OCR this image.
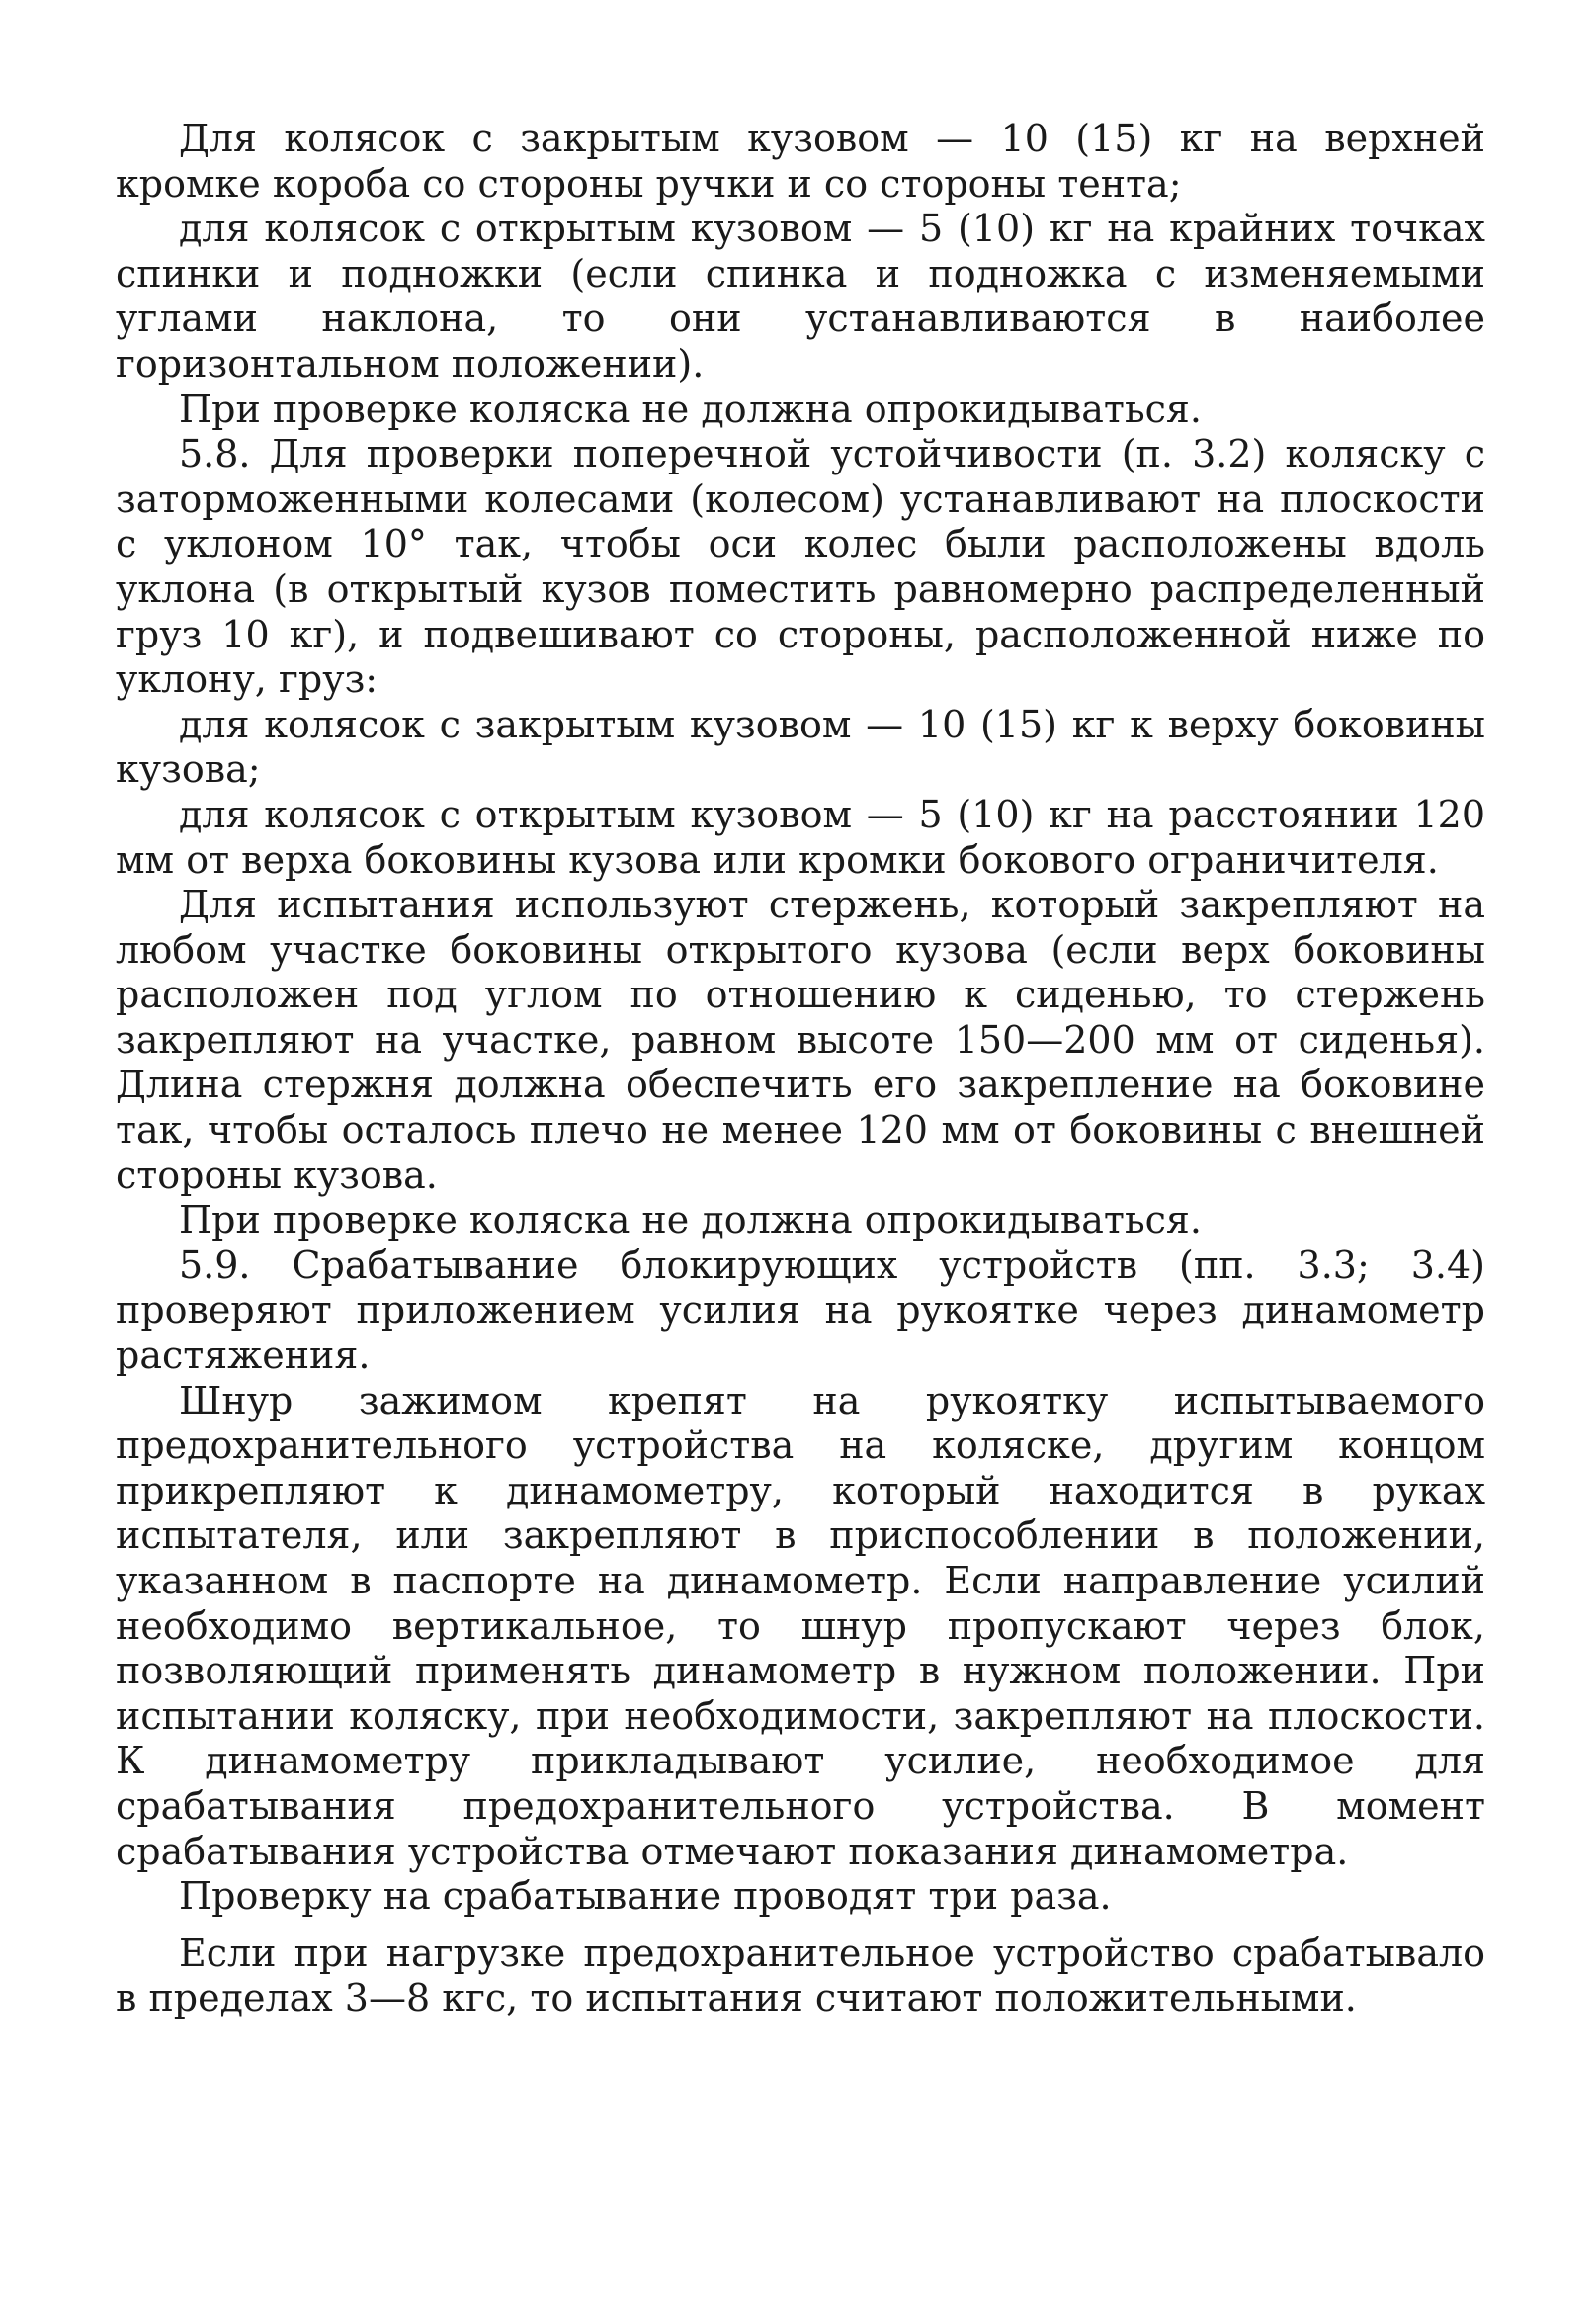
Для колясок с закрытым кузовом — 10 (15) кг на верхней кромке короба со стороны ручки и со стороны тента;

для колясок с открытым кузовом — 5 (10) кг на крайних точках спинки и подножки (если спинка и подножка с изменяемыми углами наклона, то они устанавливаются в наиболее горизонтальном положении).

При проверке коляска не должна опрокидываться.

5.8. Для проверки поперечной устойчивости (п. 3.2) коляску с заторможенными колесами (колесом) устанавливают на плоскости с уклоном 10° так, чтобы оси колес были расположены вдоль уклона (в открытый кузов поместить равномерно распределенный груз 10 кг), и подвешивают со стороны, расположенной ниже по уклону, груз:

для колясок с закрытым кузовом — 10 (15) кг к верху боковины кузова;

для колясок с открытым кузовом — 5 (10) кг на расстоянии 120 мм от верха боковины кузова или кромки бокового ограничителя.

Для испытания используют стержень, который закрепляют на любом участке боковины открытого кузова (если верх боковины расположен под углом по отношению к сиденью, то стержень закрепляют на участке, равном высоте 150—200 мм от сиденья). Длина стержня должна обеспечить его закрепление на боковине так, чтобы осталось плечо не менее 120 мм от боковины с внешней стороны кузова.

При проверке коляска не должна опрокидываться.

5.9. Срабатывание блокирующих устройств (пп. 3.3; 3.4) проверяют приложением усилия на рукоятке через динамометр растяжения.

Шнур зажимом крепят на рукоятку испытываемого предохранительного устройства на коляске, другим концом прикрепляют к динамометру, который находится в руках испытателя, или закрепляют в приспособлении в положении, указанном в паспорте на динамометр. Если направление усилий необходимо вертикальное, то шнур пропускают через блок, позволяющий применять динамометр в нужном положении. При испытании коляску, при необходимости, закрепляют на плоскости. К динамометру прикладывают усилие, необходимое для срабатывания предохранительного устройства. В момент срабатывания устройства отмечают показания динамометра.

Проверку на срабатывание проводят три раза.

Если при нагрузке предохранительное устройство срабатывало в пределах 3—8 кгс, то испытания считают положительными.
